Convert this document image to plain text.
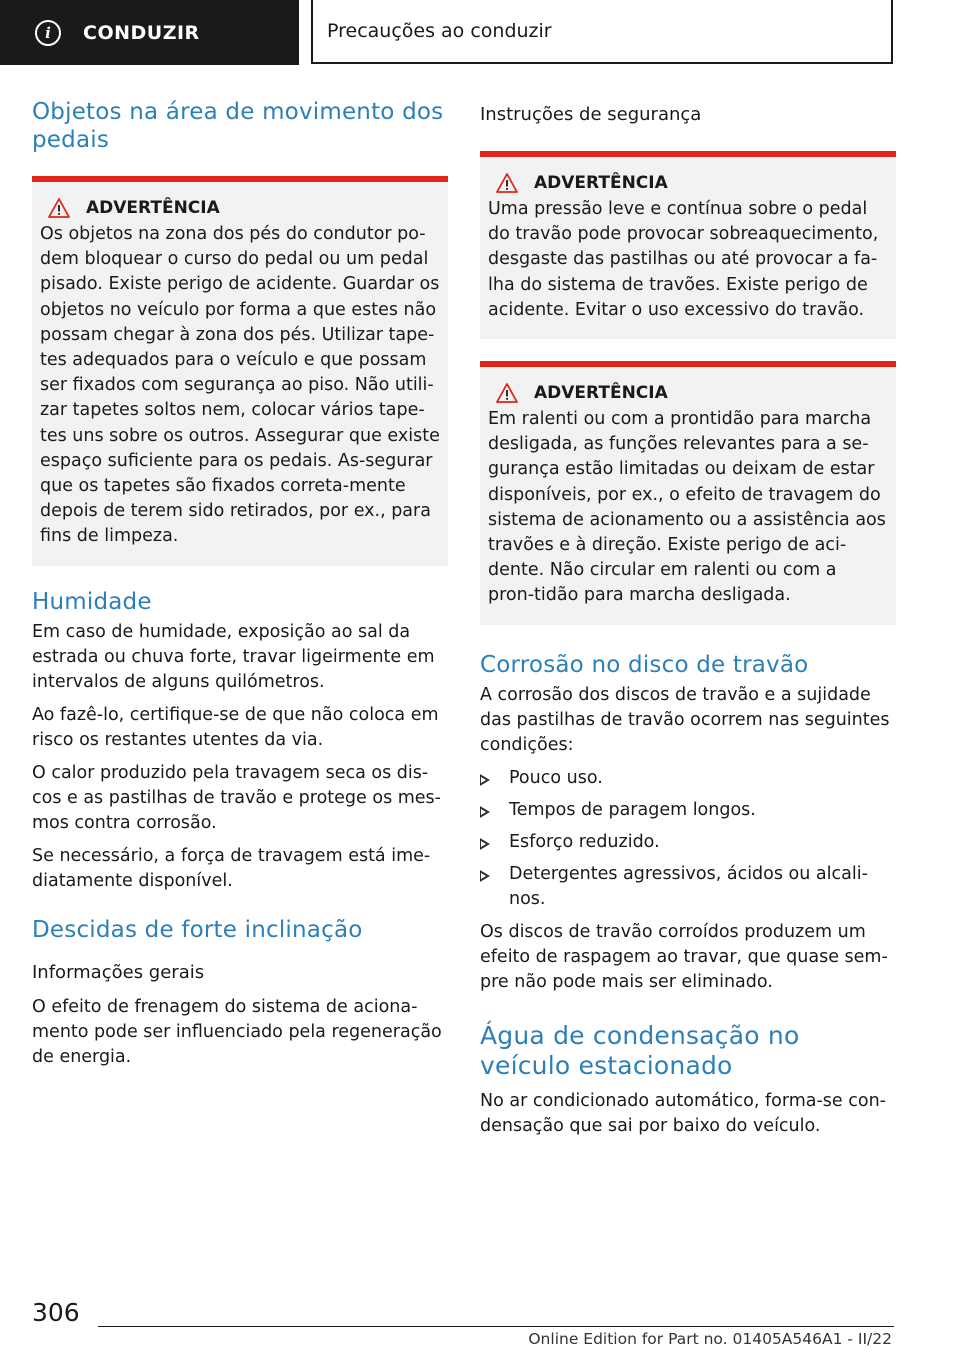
i	CONDUZIR	Precauções ao conduzir
Objetos na área de movimento dos pedais
ADVERTÊNCIA

Os objetos na zona dos pés do condutor po-dem bloquear o curso do pedal ou um pedal pisado. Existe perigo de acidente. Guardar os objetos no veículo por forma a que estes não possam chegar à zona dos pés. Utilizar tape-tes adequados para o veículo e que possam ser fixados com segurança ao piso. Não utili-zar tapetes soltos nem, colocar vários tape-tes uns sobre os outros. Assegurar que existe espaço suficiente para os pedais. As-segurar que os tapetes são fixados correta-mente depois de terem sido retirados, por ex., para fins de limpeza.

Humidade

Em caso de humidade, exposição ao sal da estrada ou chuva forte, travar ligeirmente em intervalos de alguns quilómetros.

Ao fazê-lo, certifique-se de que não coloca em risco os restantes utentes da via.

O calor produzido pela travagem seca os dis-cos e as pastilhas de travão e protege os mes-mos contra corrosão.

Se necessário, a força de travagem está ime-diatamente disponível.

Descidas de forte inclinação
Informações gerais

O efeito de frenagem do sistema de aciona-mento pode ser influenciado pela regeneração de energia.

Instruções de segurança
ADVERTÊNCIA

Uma pressão leve e contínua sobre o pedal do travão pode provocar sobreaquecimento, desgaste das pastilhas ou até provocar a fa-lha do sistema de travões. Existe perigo de acidente. Evitar o uso excessivo do travão.

ADVERTÊNCIA

Em ralenti ou com a prontidão para marcha desligada, as funções relevantes para a se-gurança estão limitadas ou deixam de estar disponíveis, por ex., o efeito de travagem do sistema de acionamento ou a assistência aos travões e à direção. Existe perigo de aci-dente. Não circular em ralenti ou com a pron-tidão para marcha desligada.

Corrosão no disco de travão

A corrosão dos discos de travão e a sujidade das pastilhas de travão ocorrem nas seguintes condições:

Pouco uso.
Tempos de paragem longos.
Esforço reduzido.
Detergentes agressivos, ácidos ou alcali-nos.

Os discos de travão corroídos produzem um efeito de raspagem ao travar, que quase sem-pre não pode mais ser eliminado.

Água de condensação no veículo estacionado

No ar condicionado automático, forma-se con-densação que sai por baixo do veículo.

306
Online Edition for Part no. 01405A546A1 - II/22
